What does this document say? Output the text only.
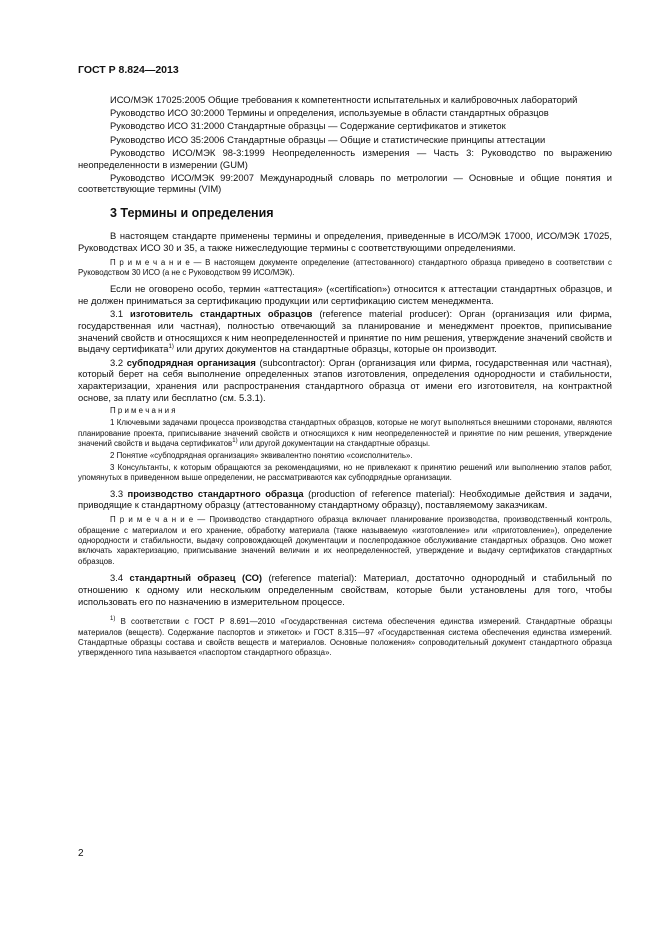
ГОСТ Р 8.824—2013

ИСО/МЭК 17025:2005 Общие требования к компетентности испытательных и калибровочных лабораторий

Руководство ИСО 30:2000 Термины и определения, используемые в области стандартных образцов

Руководство ИСО 31:2000 Стандартные образцы — Содержание сертификатов и этикеток

Руководство ИСО 35:2006 Стандартные образцы — Общие и статистические принципы аттестации

Руководство ИСО/МЭК 98-3:1999 Неопределенность измерения — Часть 3: Руководство по выражению неопределенности в измерении (GUM)

Руководство ИСО/МЭК 99:2007 Международный словарь по метрологии — Основные и общие понятия и соответствующие термины (VIM)

3 Термины и определения

В настоящем стандарте применены термины и определения, приведенные в ИСО/МЭК 17000, ИСО/МЭК 17025, Руководствах ИСО 30 и 35, а также нижеследующие термины с соответствующими определениями.

П р и м е ч а н и е — В настоящем документе определение (аттестованного) стандартного образца приведено в соответствии с Руководством 30 ИСО (а не с Руководством 99 ИСО/МЭК).

Если не оговорено особо, термин «аттестация» («certification») относится к аттестации стандартных образцов, и не должен приниматься за сертификацию продукции или сертификацию систем менеджмента.

3.1 изготовитель стандартных образцов (reference material producer): Орган (организация или фирма, государственная или частная), полностью отвечающий за планирование и менеджмент проектов, приписывание значений свойств и относящихся к ним неопределенностей и принятие по ним решения, утверждение значений свойств и выдачу сертификата$^{1)}$ или других документов на стандартные образцы, которые он производит.

3.2 субподрядная организация (subcontractor): Орган (организация или фирма, государственная или частная), который берет на себя выполнение определенных этапов изготовления, определения однородности и стабильности, характеризации, хранения или распространения стандартного образца от имени его изготовителя, на контрактной основе, за плату или бесплатно (см. 5.3.1).

П р и м е ч а н и я

1 Ключевыми задачами процесса производства стандартных образцов, которые не могут выполняться внешними сторонами, являются планирование проекта, приписывание значений свойств и относящихся к ним неопределенностей и принятие по ним решения, утверждение значений свойств и выдача сертификатов$^{1)}$ или другой документации на стандартные образцы.

2 Понятие «субподрядная организация» эквивалентно понятию «соисполнитель».

3 Консультанты, к которым обращаются за рекомендациями, но не привлекают к принятию решений или выполнению этапов работ, упомянутых в приведенном выше определении, не рассматриваются как субподрядные организации.

3.3 производство стандартного образца (production of reference material): Необходимые действия и задачи, приводящие к стандартному образцу (аттестованному стандартному образцу), поставляемому заказчикам.

П р и м е ч а н и е — Производство стандартного образца включает планирование производства, производственный контроль, обращение с материалом и его хранение, обработку материала (также называемую «изготовление» или «приготовление»), определение однородности и стабильности, выдачу сопровождающей документации и послепродажное обслуживание стандартных образцов. Оно может включать характеризацию, приписывание значений величин и их неопределенностей, утверждение и выдачу сертификатов стандартных образцов.

3.4 стандартный образец (СО) (reference material): Материал, достаточно однородный и стабильный по отношению к одному или нескольким определенным свойствам, которые были установлены для того, чтобы использовать его по назначению в измерительном процессе.

$^{1)}$ В соответствии с ГОСТ Р 8.691—2010 «Государственная система обеспечения единства измерений. Стандартные образцы материалов (веществ). Содержание паспортов и этикеток» и ГОСТ 8.315—97 «Государственная система обеспечения единства измерений. Стандартные образцы состава и свойств веществ и материалов. Основные положения» сопроводительный документ стандартного образца утвержденного типа называется «паспортом стандартного образца».

2
